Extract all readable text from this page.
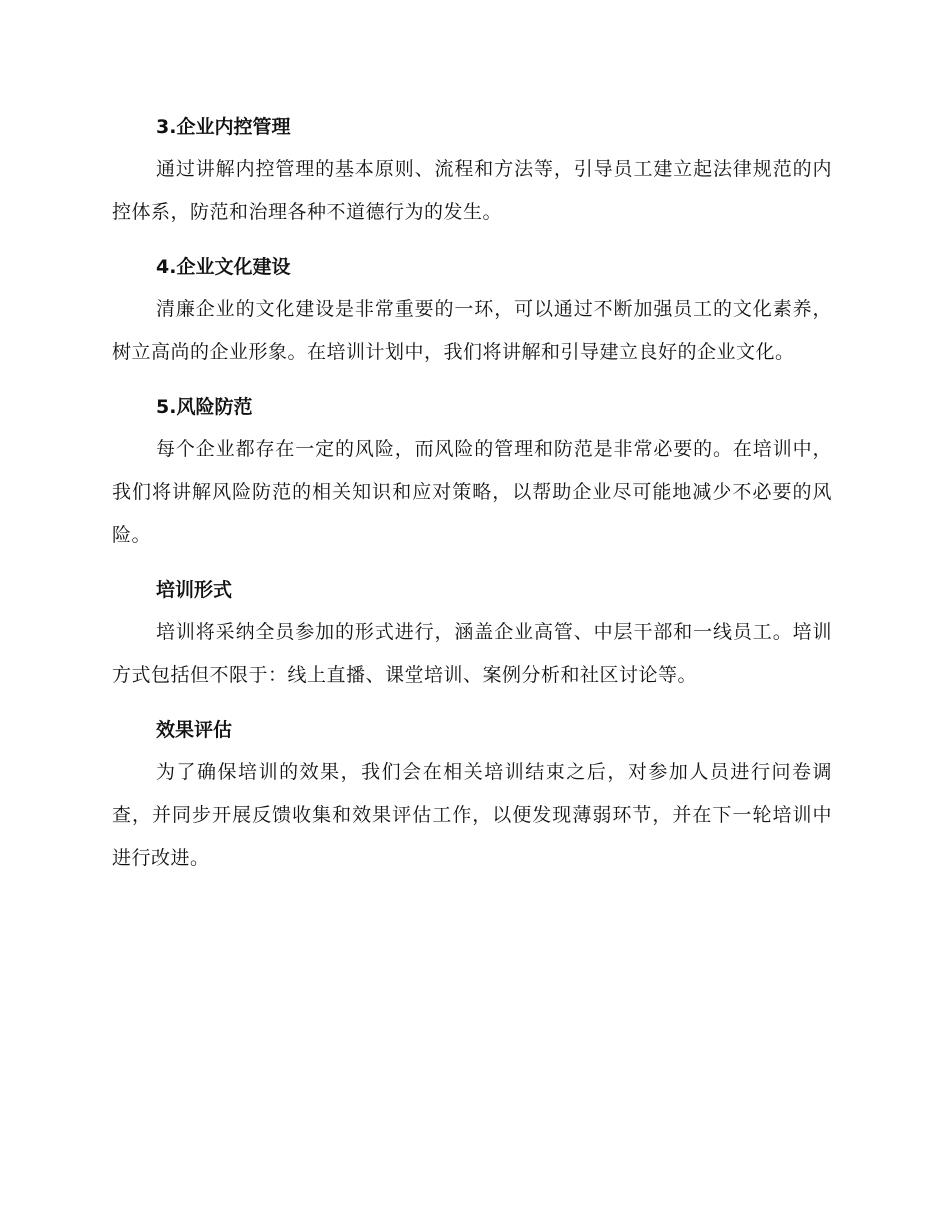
3.企业内控管理

通过讲解内控管理的基本原则、流程和方法等，引导员工建立起法律规范的内控体系，防范和治理各种不道德行为的发生。

4.企业文化建设

清廉企业的文化建设是非常重要的一环，可以通过不断加强员工的文化素养，树立高尚的企业形象。在培训计划中，我们将讲解和引导建立良好的企业文化。

5.风险防范

每个企业都存在一定的风险，而风险的管理和防范是非常必要的。在培训中，我们将讲解风险防范的相关知识和应对策略，以帮助企业尽可能地减少不必要的风险。

培训形式

培训将采纳全员参加的形式进行，涵盖企业高管、中层干部和一线员工。培训方式包括但不限于：线上直播、课堂培训、案例分析和社区讨论等。

效果评估

为了确保培训的效果，我们会在相关培训结束之后，对参加人员进行问卷调查，并同步开展反馈收集和效果评估工作，以便发现薄弱环节，并在下一轮培训中进行改进。
